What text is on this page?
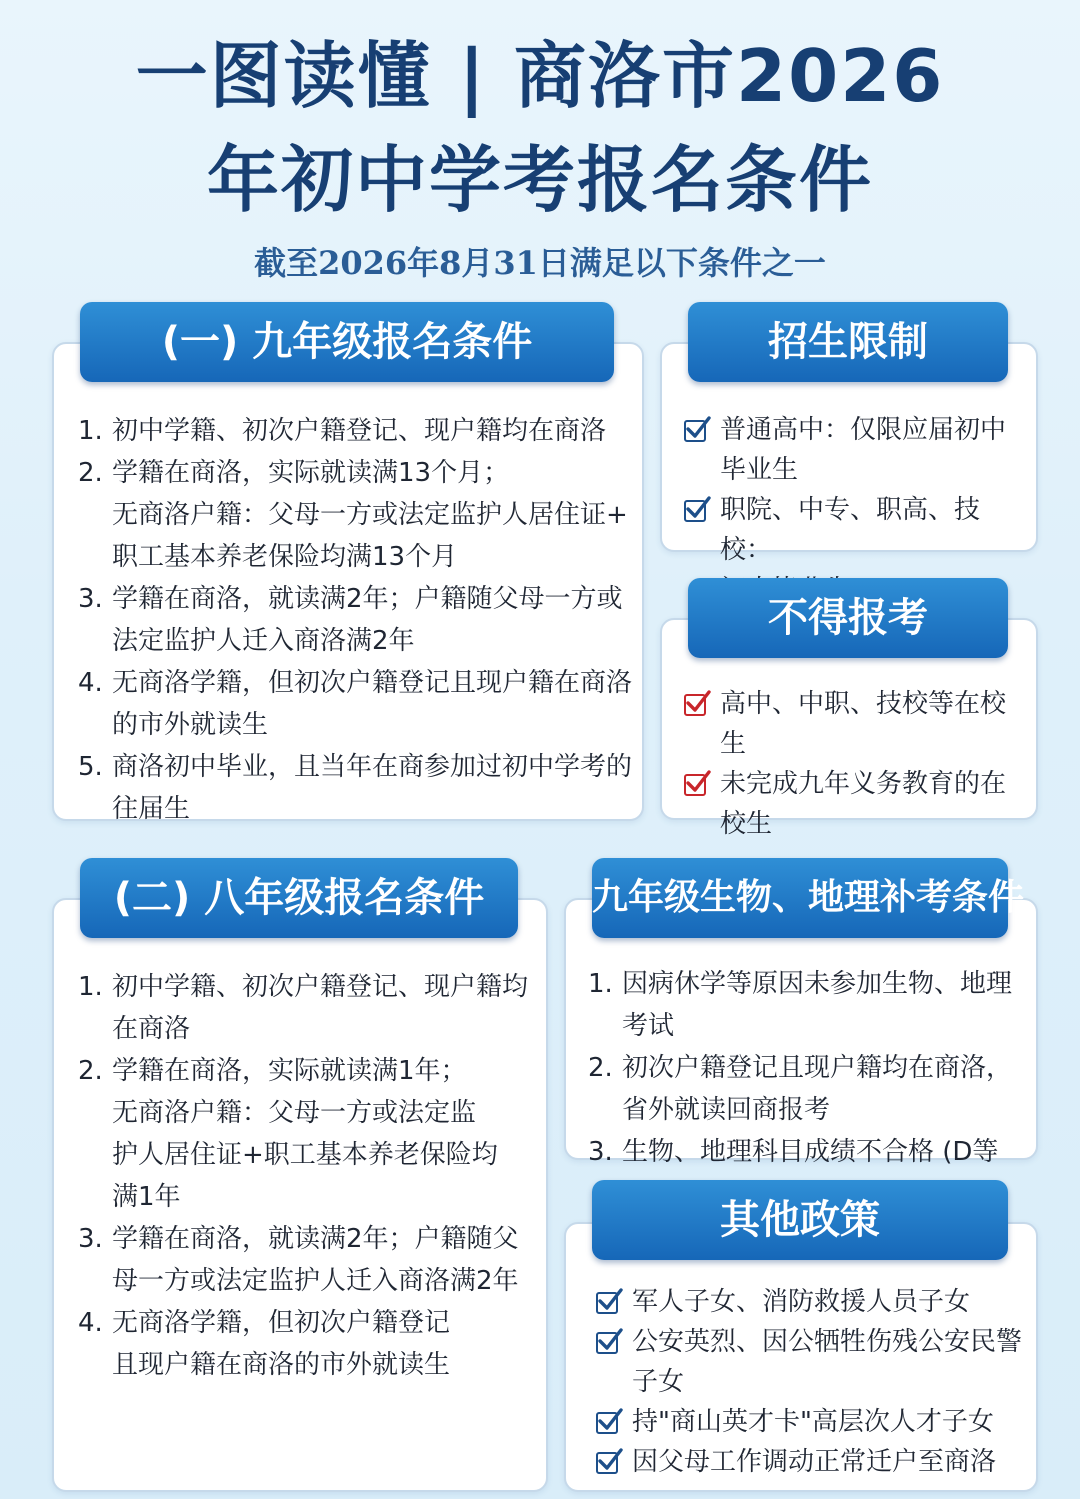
一图读懂 | 商洛市2026
年初中学考报名条件
截至2026年8月31日满足以下条件之一
(一) 九年级报名条件
1. 初中学籍、初次户籍登记、现户籍均在商洛
2. 学籍在商洛，实际就读满13个月；
无商洛户籍：父母一方或法定监护人居住证+
职工基本养老保险均满13个月
3. 学籍在商洛，就读满2年；户籍随父母一方或
法定监护人迁入商洛满2年
4. 无商洛学籍，但初次户籍登记且现户籍在商洛
的市外就读生
5. 商洛初中毕业，且当年在商参加过初中学考的往届生
招生限制
普通高中：仅限应届初中毕业生
职院、中专、职高、技校：

不得报考
高中、中职、技校等在校生
未完成九年义务教育的在校生
(二) 八年级报名条件
1. 初中学籍、初次户籍登记、现户籍均
在商洛
2. 学籍在商洛，实际就读满1年；
无商洛户籍：父母一方或法定监
护人居住证+职工基本养老保险均
满1年
3. 学籍在商洛，就读满2年；户籍随父
母一方或法定监护人迁入商洛满2年
4. 无商洛学籍，但初次户籍登记
且现户籍在商洛的市外就读生
九年级生物、地理补考条件
1. 因病休学等原因未参加生物、地理考试
2. 初次户籍登记且现户籍均在商洛，
省外就读回商报考
3. 生物、地理科目成绩不合格 (D等
其他政策
军人子女、消防救援人员子女
公安英烈、因公牺牲伤残公安民警子女
持"商山英才卡"高层次人才子女
因父母工作调动正常迁户至商洛
